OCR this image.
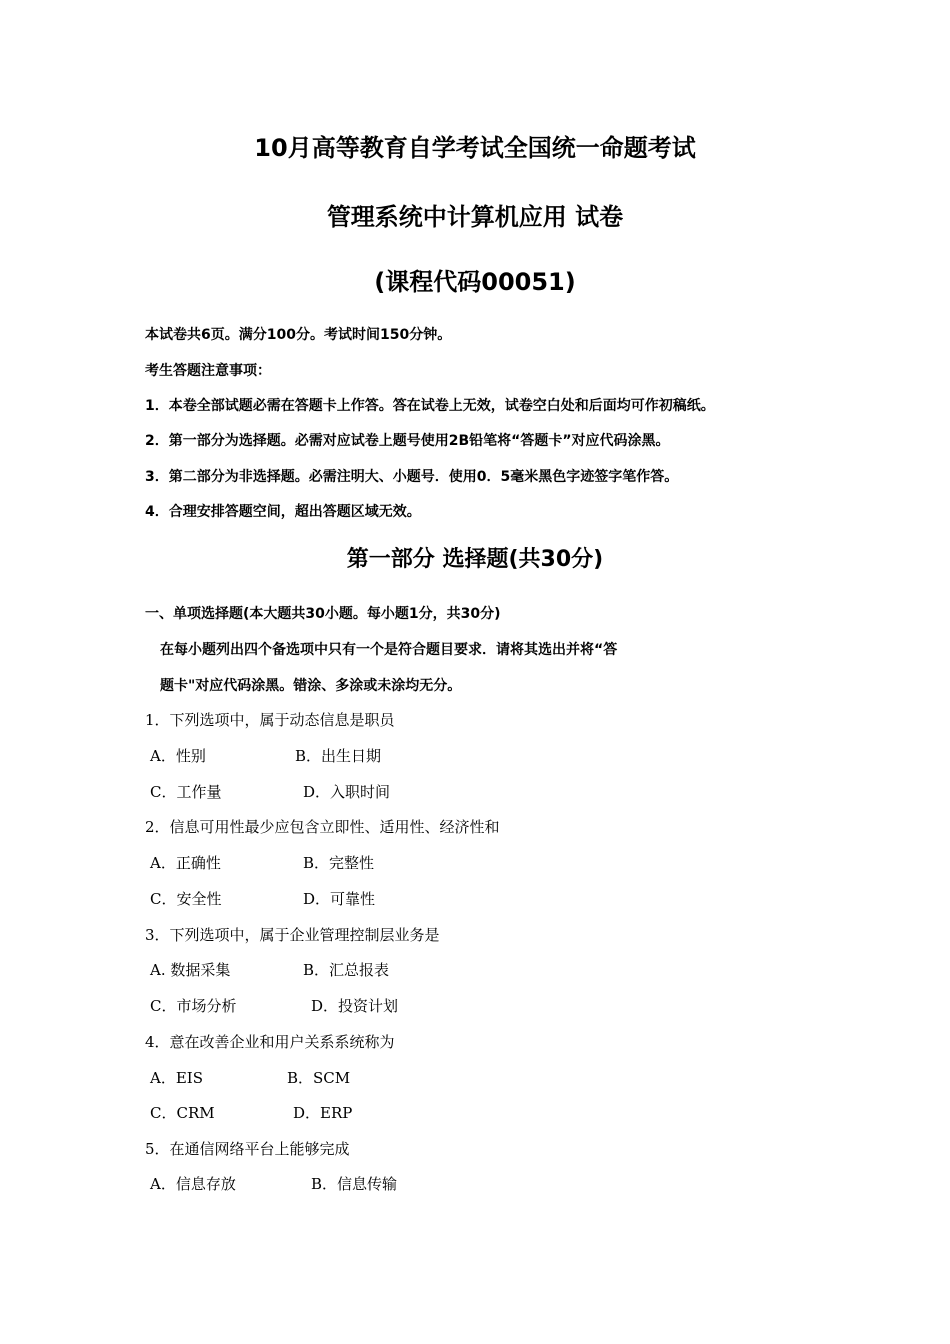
10月高等教育自学考试全国统一命题考试
管理系统中计算机应用 试卷
(课程代码00051)
本试卷共6页。满分100分。考试时间150分钟。
考生答题注意事项：
1．本卷全部试题必需在答题卡上作答。答在试卷上无效，试卷空白处和后面均可作初稿纸。
2．第一部分为选择题。必需对应试卷上题号使用2B铅笔将“答题卡”对应代码涂黑。
3．第二部分为非选择题。必需注明大、小题号．使用0．5毫米黑色字迹签字笔作答。
4．合理安排答题空间，超出答题区域无效。
第一部分 选择题(共30分)
一、单项选择题(本大题共30小题。每小题1分，共30分)
在每小题列出四个备选项中只有一个是符合题目要求．请将其选出并将“答
题卡"对应代码涂黑。错涂、多涂或未涂均无分。
1．下列选项中，属于动态信息是职员
A．性别	B．出生日期
C．工作量	D．入职时间
2．信息可用性最少应包含立即性、适用性、经济性和
A．正确性	B．完整性
C．安全性	D．可靠性
3．下列选项中，属于企业管理控制层业务是
A. 数据采集	B．汇总报表
C．市场分析	D．投资计划
4．意在改善企业和用户关系系统称为
A．EIS	B．SCM
C．CRM	D．ERP
5．在通信网络平台上能够完成
A．信息存放	B．信息传输
